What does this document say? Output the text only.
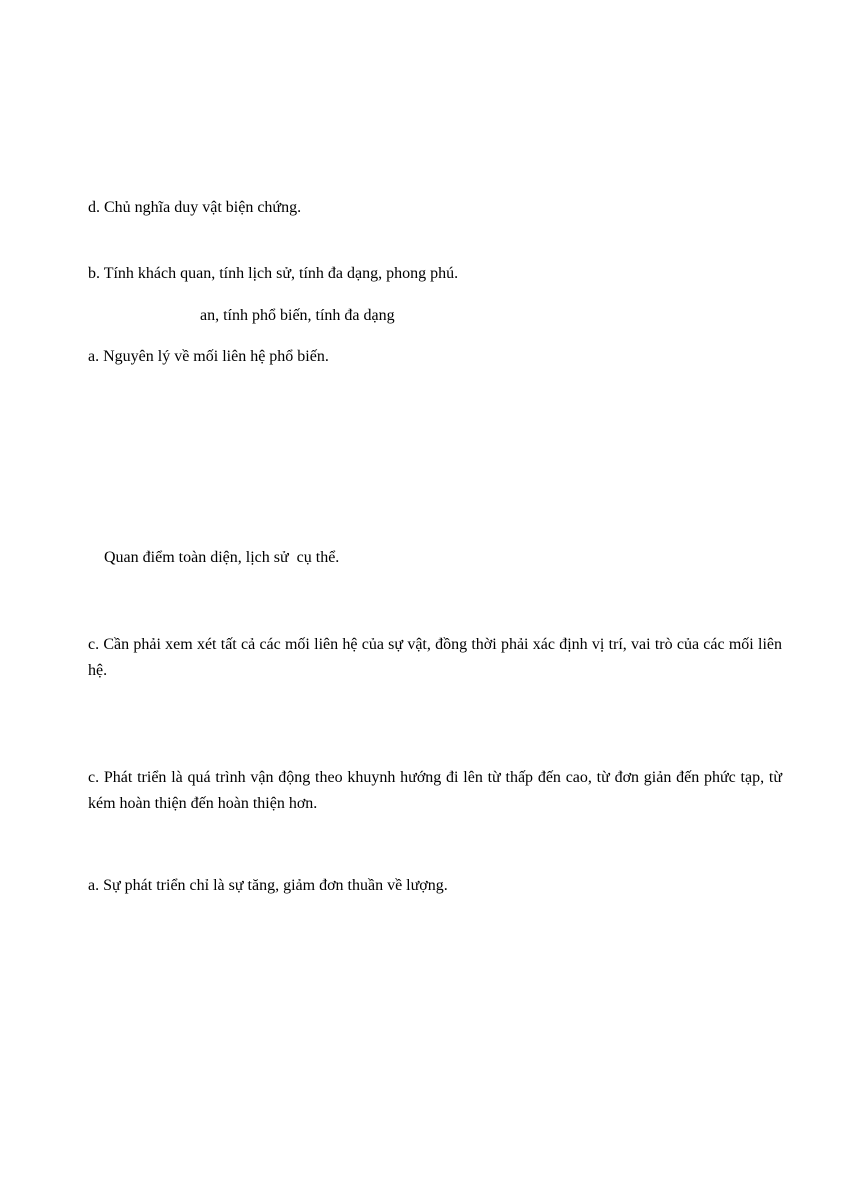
d. Chủ nghĩa duy vật biện chứng.

b. Tính khách quan, tính lịch sử, tính đa dạng, phong phú.

an, tính phổ biến, tính đa dạng

a. Nguyên lý về mối liên hệ phổ biến.

Quan điểm toàn diện, lịch sử cụ thể.

c. Cần phải xem xét tất cả các mối liên hệ của sự vật, đồng thời phải xác định vị trí, vai trò của các mối liên hệ.

c. Phát triển là quá trình vận động theo khuynh hướng đi lên từ thấp đến cao, từ đơn giản đến phức tạp, từ kém hoàn thiện đến hoàn thiện hơn.

a. Sự phát triển chỉ là sự tăng, giảm đơn thuần về lượng.
